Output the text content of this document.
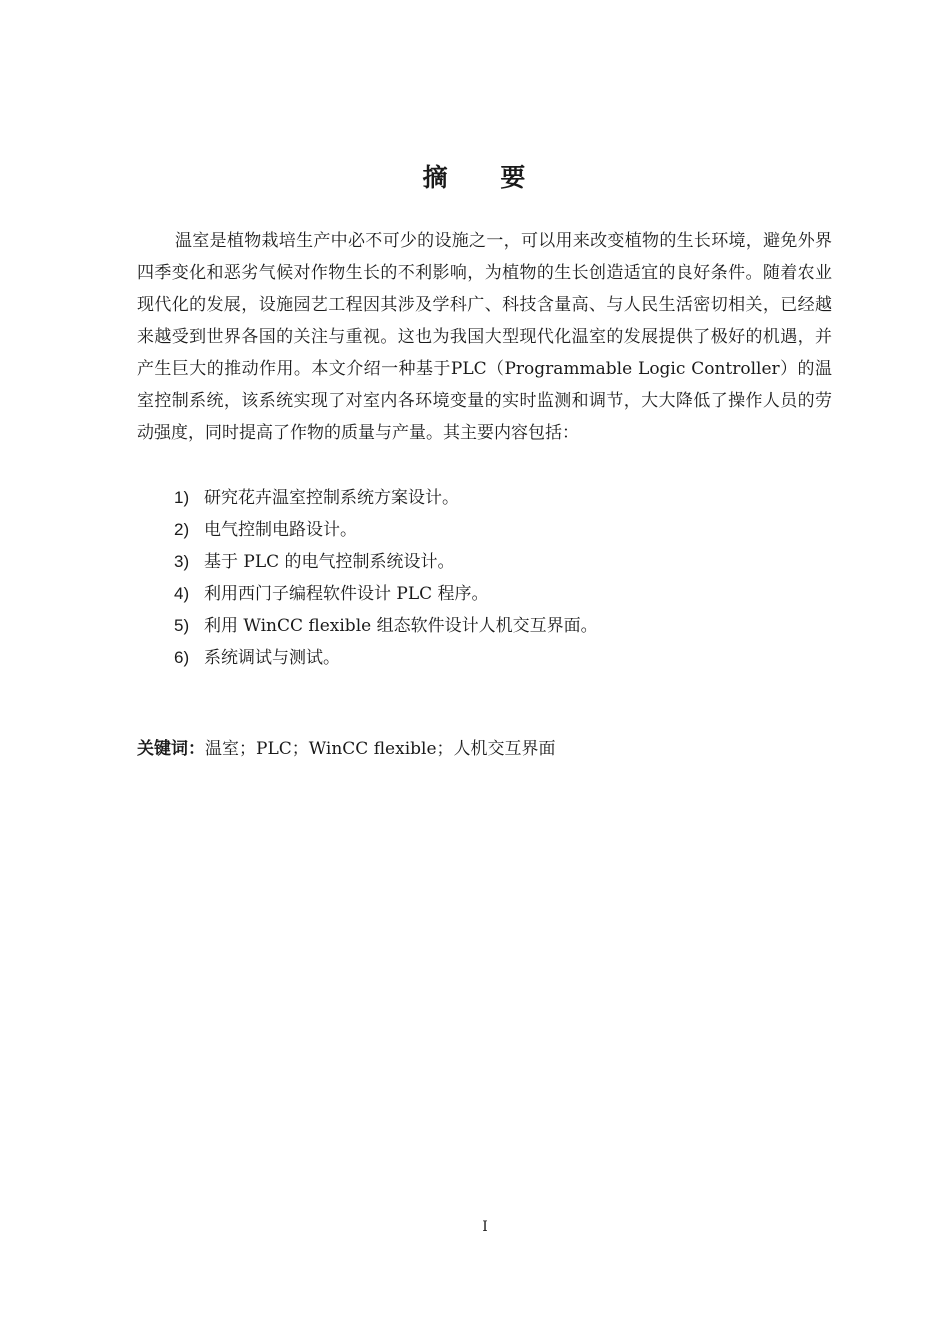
摘 要

温室是植物栽培生产中必不可少的设施之一，可以用来改变植物的生长环境，避免外界四季变化和恶劣气候对作物生长的不利影响，为植物的生长创造适宜的良好条件。随着农业现代化的发展，设施园艺工程因其涉及学科广、科技含量高、与人民生活密切相关，已经越来越受到世界各国的关注与重视。这也为我国大型现代化温室的发展提供了极好的机遇，并产生巨大的推动作用。本文介绍一种基于PLC（Programmable Logic Controller）的温室控制系统，该系统实现了对室内各环境变量的实时监测和调节，大大降低了操作人员的劳动强度，同时提高了作物的质量与产量。其主要内容包括：

1) 研究花卉温室控制系统方案设计。
2) 电气控制电路设计。
3) 基于 PLC 的电气控制系统设计。
4) 利用西门子编程软件设计 PLC 程序。
5) 利用 WinCC flexible 组态软件设计人机交互界面。
6) 系统调试与测试。
关键词：温室；PLC；WinCC flexible；人机交互界面
I
